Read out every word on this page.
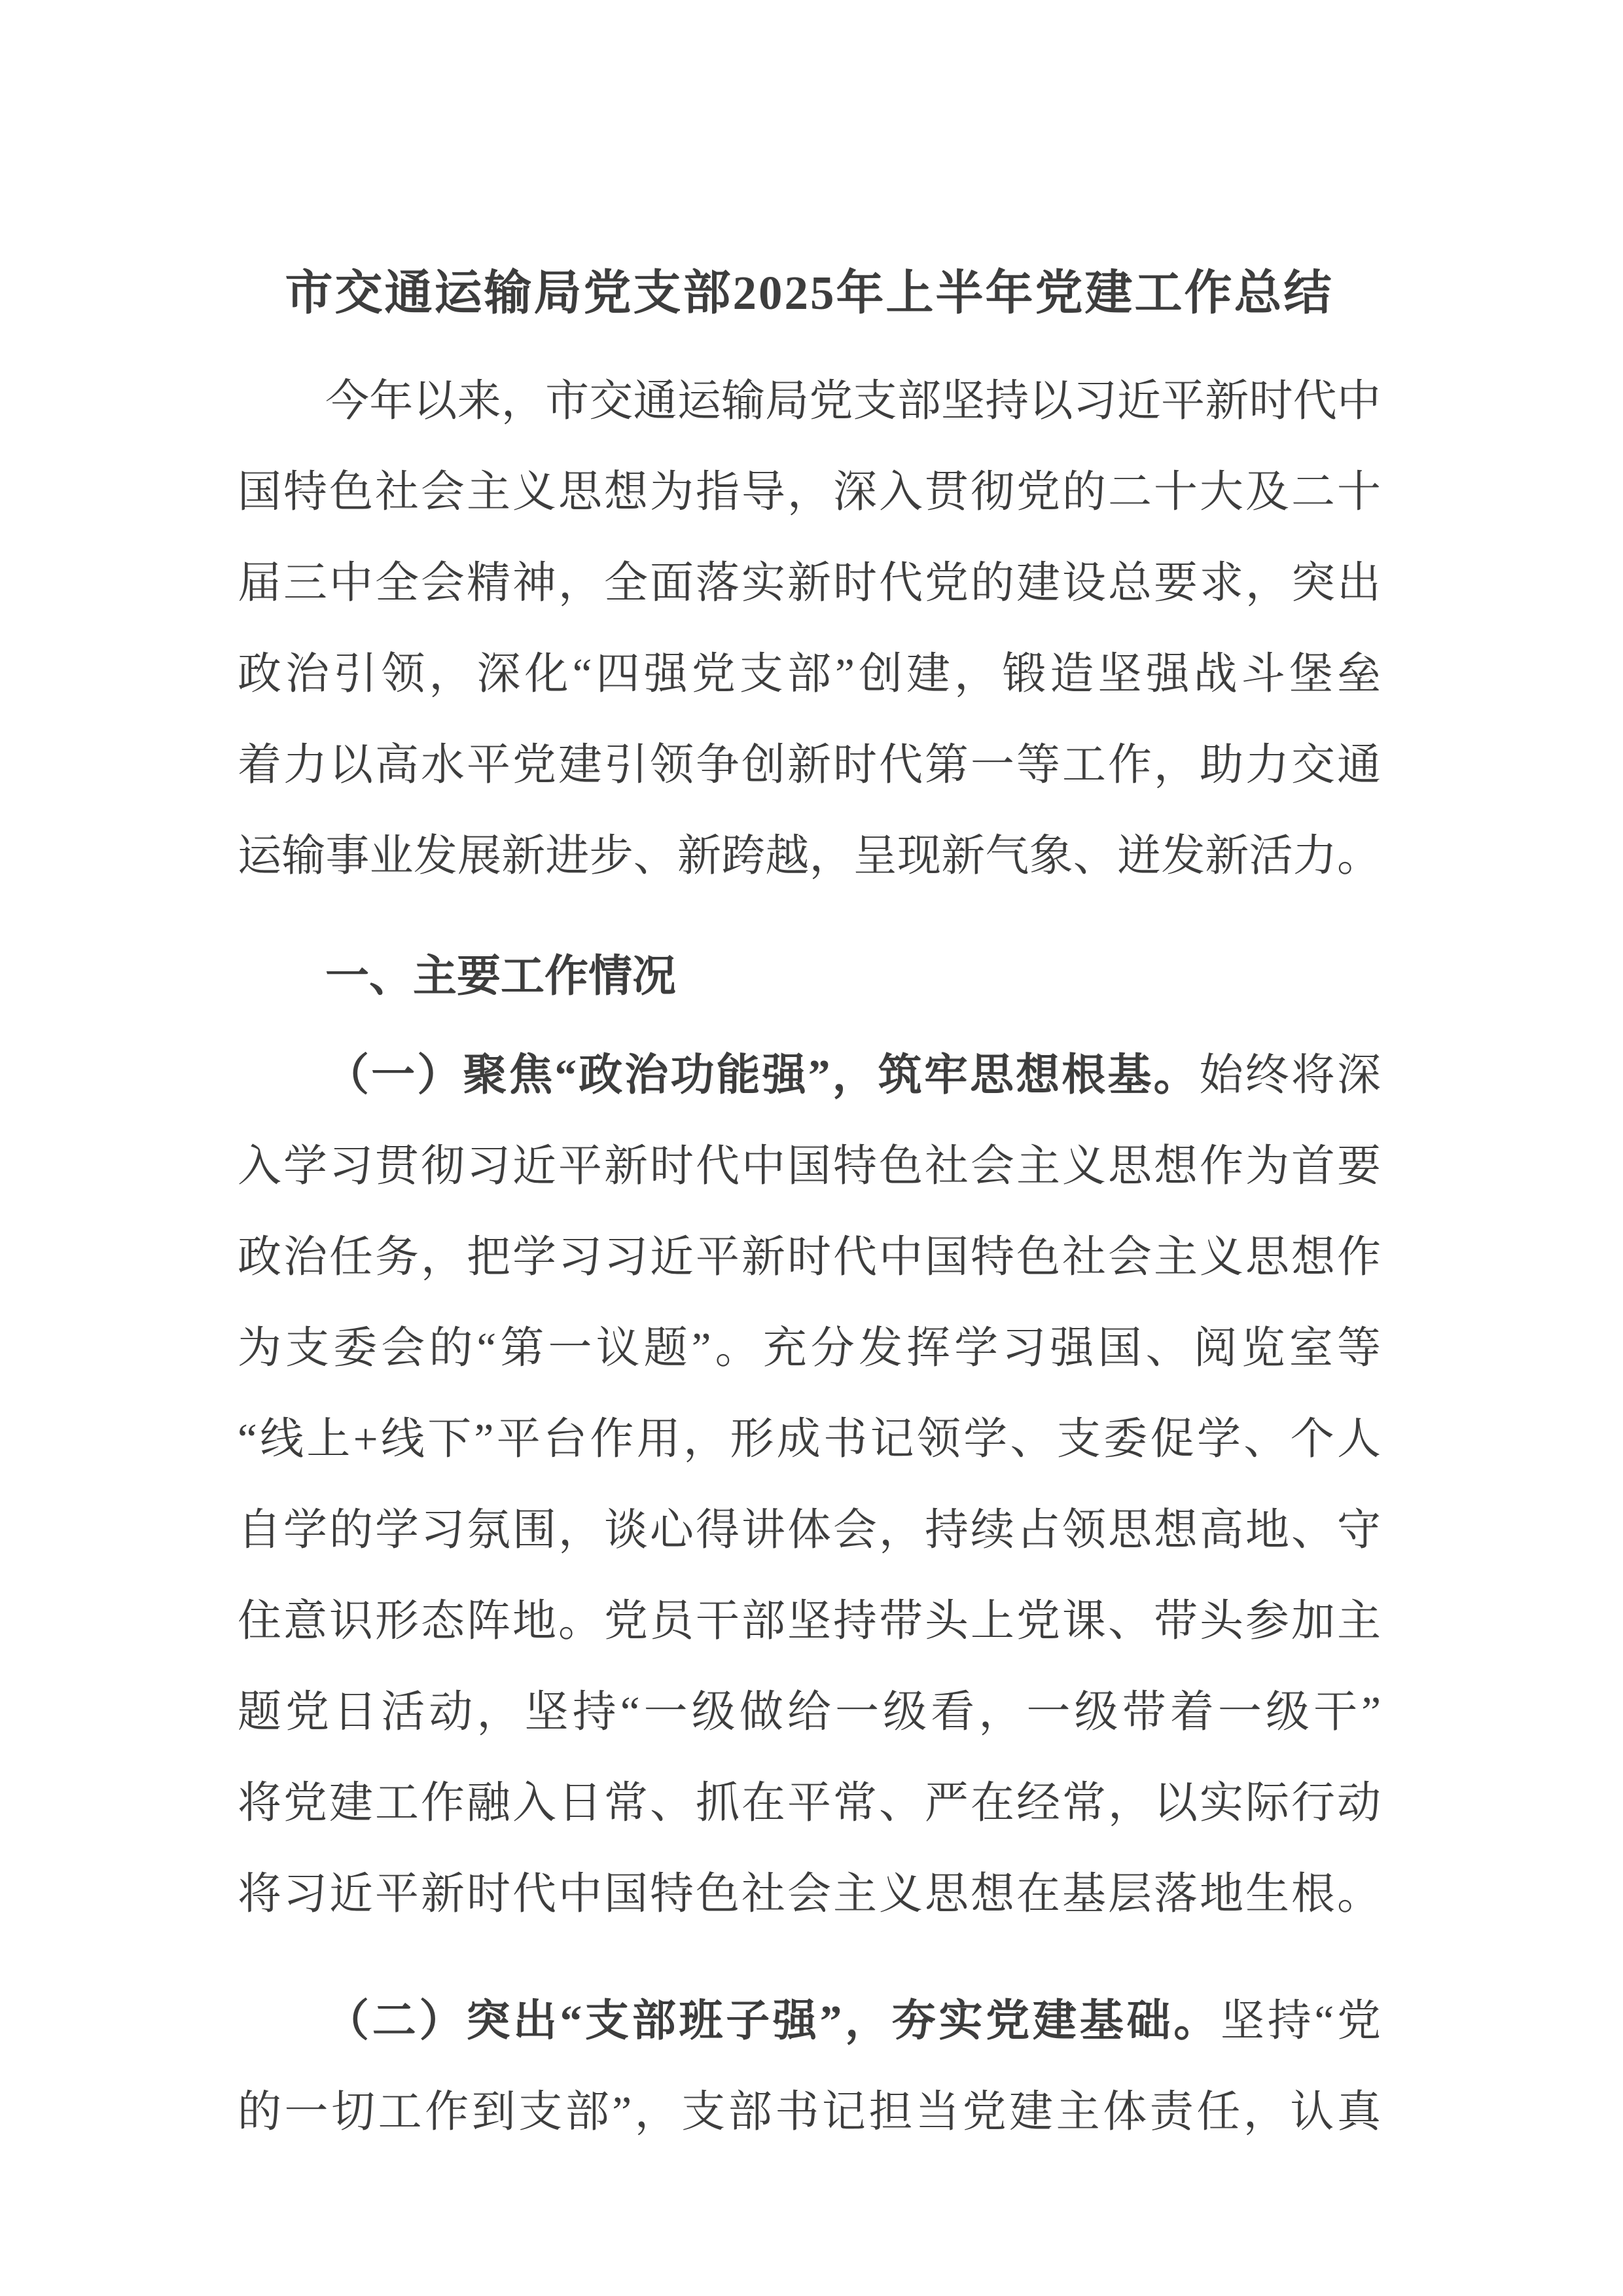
市交通运输局党支部2025年上半年党建工作总结
今年以来，市交通运输局党支部坚持以习近平新时代中
国特色社会主义思想为指导，深入贯彻党的二十大及二十
届三中全会精神，全面落实新时代党的建设总要求，突出
政治引领，深化“四强党支部”创建，锻造坚强战斗堡垒
着力以高水平党建引领争创新时代第一等工作，助力交通
运输事业发展新进步、新跨越，呈现新气象、迸发新活力。
一、主要工作情况
（一）聚焦“政治功能强”，筑牢思想根基。始终将深
入学习贯彻习近平新时代中国特色社会主义思想作为首要
政治任务，把学习习近平新时代中国特色社会主义思想作
为支委会的“第一议题”。充分发挥学习强国、阅览室等
“线上+线下”平台作用，形成书记领学、支委促学、个人
自学的学习氛围，谈心得讲体会，持续占领思想高地、守
住意识形态阵地。党员干部坚持带头上党课、带头参加主
题党日活动，坚持“一级做给一级看，一级带着一级干”
将党建工作融入日常、抓在平常、严在经常，以实际行动
将习近平新时代中国特色社会主义思想在基层落地生根。
（二）突出“支部班子强”，夯实党建基础。坚持“党
的一切工作到支部”，支部书记担当党建主体责任，认真
